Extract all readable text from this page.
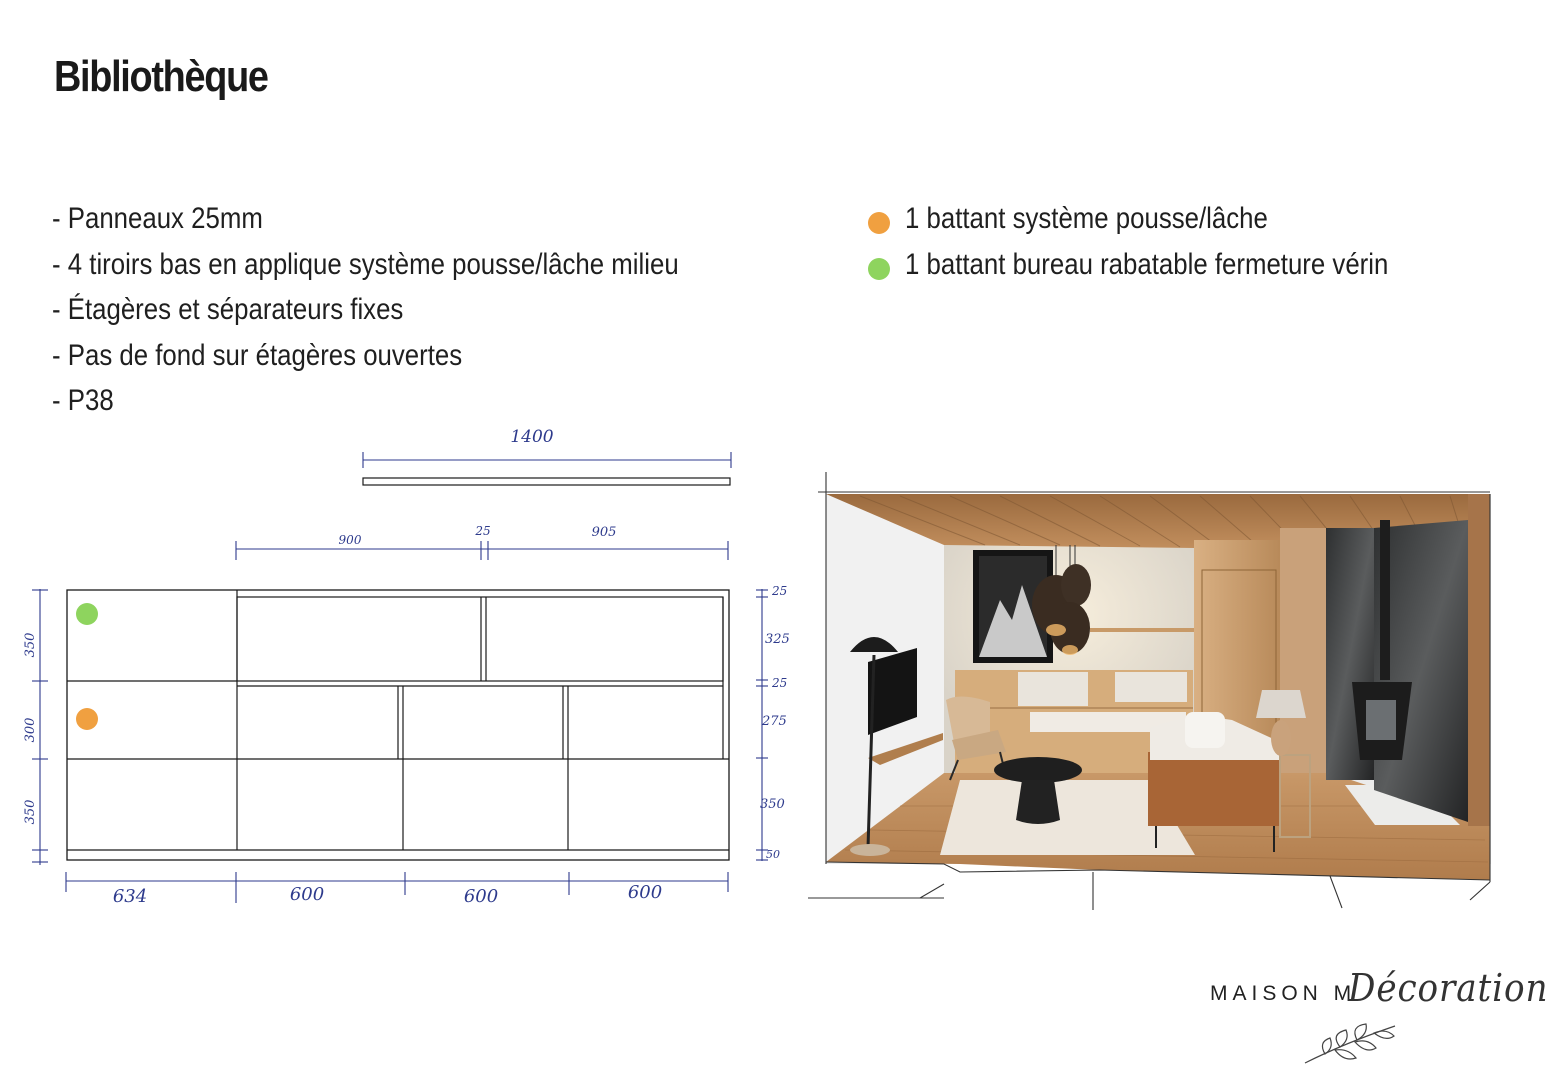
Bibliothèque
- Panneaux 25mm
- 4 tiroirs bas en applique système pousse/lâche milieu
- Étagères et séparateurs fixes
- Pas de fond sur étagères ouvertes
- P38
1 battant système pousse/lâche
1 battant bureau rabatable fermeture vérin
1400
900
25	905
25
325
25
275
350
50
350
300
350
634	600	600	600
MAISON M
Décoration
